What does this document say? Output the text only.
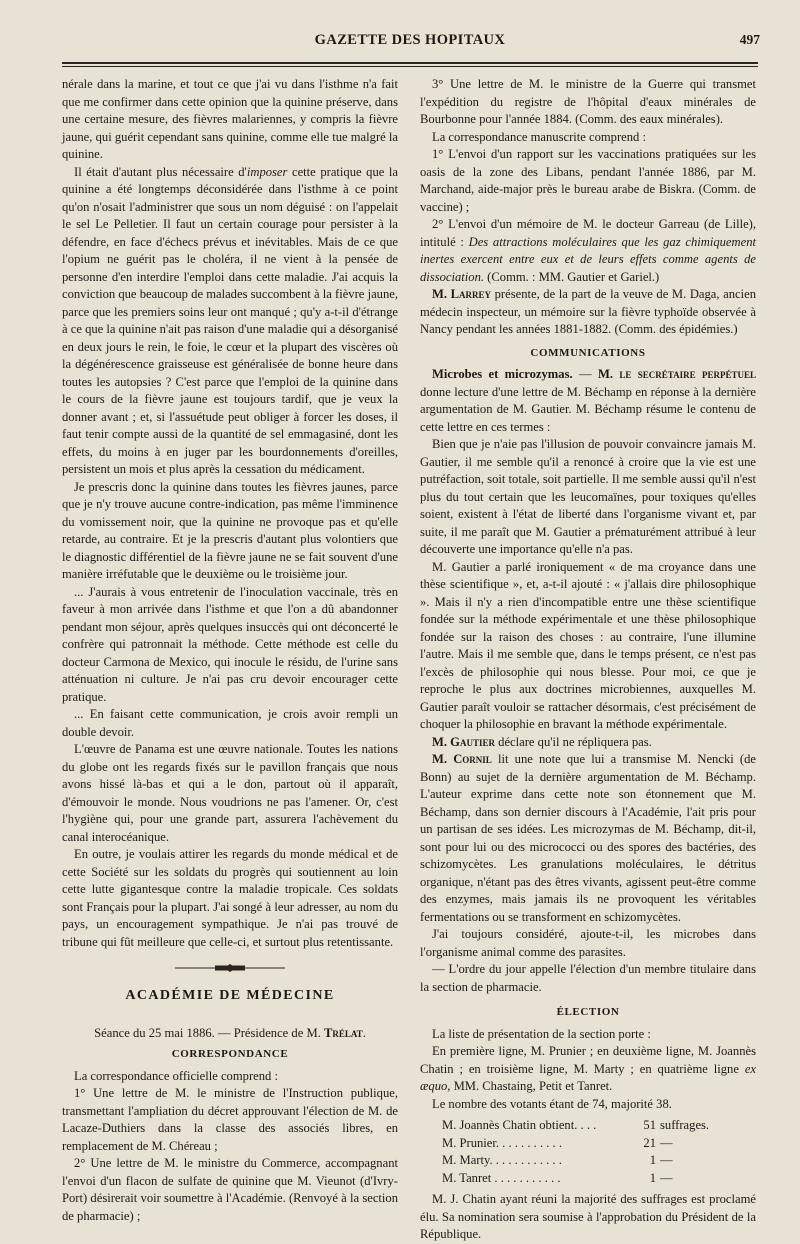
GAZETTE DES HOPITAUX	497

nérale dans la marine, et tout ce que j'ai vu dans l'isthme n'a fait que me confirmer dans cette opinion que la quinine préserve, dans une certaine mesure, des fièvres malariennes, y compris la fièvre jaune, qui guérit cependant sans quinine, comme elle tue malgré la quinine.

Il était d'autant plus nécessaire d'imposer cette pratique que la quinine a été longtemps déconsidérée dans l'isthme à ce point qu'on n'osait l'administrer que sous un nom déguisé : on l'appelait le sel Le Pelletier. Il faut un certain courage pour persister à la défendre, en face d'échecs prévus et inévitables. Mais de ce que l'opium ne guérit pas le choléra, il ne vient à la pensée de personne d'en interdire l'emploi dans cette maladie. J'ai acquis la conviction que beaucoup de malades succombent à la fièvre jaune, parce que les premiers soins leur ont manqué ; qu'y a-t-il d'étrange à ce que la quinine n'ait pas raison d'une maladie qui a désorganisé en deux jours le rein, le foie, le cœur et la plupart des viscères où la dégénérescence graisseuse est généralisée de bonne heure dans toutes les autopsies ? C'est parce que l'emploi de la quinine dans le cours de la fièvre jaune est toujours tardif, que je veux la donner avant ; et, si l'assuétude peut obliger à forcer les doses, il faut tenir compte aussi de la quantité de sel emmagasiné, dont les effets, du moins à en juger par les bourdonnements d'oreilles, persistent un mois et plus après la cessation du médicament.

Je prescris donc la quinine dans toutes les fièvres jaunes, parce que je n'y trouve aucune contre-indication, pas même l'imminence du vomissement noir, que la quinine ne provoque pas et qu'elle retarde, au contraire. Et je la prescris d'autant plus volontiers que le diagnostic différentiel de la fièvre jaune ne se fait souvent d'une manière irréfutable que le deuxième ou le troisième jour.

... J'aurais à vous entretenir de l'inoculation vaccinale, très en faveur à mon arrivée dans l'isthme et que l'on a dû abandonner pendant mon séjour, après quelques insuccès qui ont déconcerté le confrère qui patronnait la méthode. Cette méthode est celle du docteur Carmona de Mexico, qui inocule le résidu, de l'urine sans atténuation ni culture. Je n'ai pas cru devoir encourager cette pratique.

... En faisant cette communication, je crois avoir rempli un double devoir.

L'œuvre de Panama est une œuvre nationale. Toutes les nations du globe ont les regards fixés sur le pavillon français que nous avons hissé là-bas et qui a le don, partout où il apparaît, d'émouvoir le monde. Nous voudrions ne pas l'amener. Or, c'est l'hygiène qui, pour une grande part, assurera l'achèvement du canal interocéanique.

En outre, je voulais attirer les regards du monde médical et de cette Société sur les soldats du progrès qui soutiennent au loin cette lutte gigantesque contre la maladie tropicale. Ces soldats sont Français pour la plupart. J'ai songé à leur adresser, au nom du pays, un encouragement sympathique. Je n'ai pas trouvé de tribune qui fût meilleure que celle-ci, et surtout plus retentissante.

ACADÉMIE DE MÉDECINE

Séance du 25 mai 1886. — Présidence de M. Trélat.

CORRESPONDANCE

La correspondance officielle comprend :

1° Une lettre de M. le ministre de l'Instruction publique, transmettant l'ampliation du décret approuvant l'élection de M. de Lacaze-Duthiers dans la classe des associés libres, en remplacement de M. Chéreau ;

2° Une lettre de M. le ministre du Commerce, accompagnant l'envoi d'un flacon de sulfate de quinine que M. Vieunot (d'Ivry-Port) désirerait voir soumettre à l'Académie. (Renvoyé à la section de pharmacie) ;

3° Une lettre de M. le ministre de la Guerre qui transmet l'expédition du registre de l'hôpital d'eaux minérales de Bourbonne pour l'année 1884. (Comm. des eaux minérales).

La correspondance manuscrite comprend :

1° L'envoi d'un rapport sur les vaccinations pratiquées sur les oasis de la zone des Libans, pendant l'année 1886, par M. Marchand, aide-major près le bureau arabe de Biskra. (Comm. de vaccine) ;

2° L'envoi d'un mémoire de M. le docteur Garreau (de Lille), intitulé : Des attractions moléculaires que les gaz chimiquement inertes exercent entre eux et de leurs effets comme agents de dissociation. (Comm. : MM. Gautier et Gariel.)

M. Larrey présente, de la part de la veuve de M. Daga, ancien médecin inspecteur, un mémoire sur la fièvre typhoïde observée à Nancy pendant les années 1881-1882. (Comm. des épidémies.)

COMMUNICATIONS

Microbes et microzymas. — M. le secrétaire perpétuel donne lecture d'une lettre de M. Béchamp en réponse à la dernière argumentation de M. Gautier. M. Béchamp résume le contenu de cette lettre en ces termes :

Bien que je n'aie pas l'illusion de pouvoir convaincre jamais M. Gautier, il me semble qu'il a renoncé à croire que la vie est une putréfaction, soit totale, soit partielle. Il me semble aussi qu'il n'est plus du tout certain que les leucomaïnes, pour toxiques qu'elles soient, existent à l'état de liberté dans l'organisme vivant et, par suite, il me paraît que M. Gautier a prématurément attribué à leur découverte une importance qu'elle n'a pas.

M. Gautier a parlé ironiquement « de ma croyance dans une thèse scientifique », et, a-t-il ajouté : « j'allais dire philosophique ». Mais il n'y a rien d'incompatible entre une thèse scientifique fondée sur la méthode expérimentale et une thèse philosophique fondée sur la raison des choses : au contraire, l'une illumine l'autre. Mais il me semble que, dans le temps présent, ce n'est pas l'excès de philosophie qui nous blesse. Pour moi, ce que je reproche le plus aux doctrines microbiennes, auxquelles M. Gautier paraît vouloir se rattacher désormais, c'est précisément de choquer la philosophie en bravant la méthode expérimentale.

M. Gautier déclare qu'il ne répliquera pas.

M. Cornil lit une note que lui a transmise M. Nencki (de Bonn) au sujet de la dernière argumentation de M. Béchamp. L'auteur exprime dans cette note son étonnement que M. Béchamp, dans son dernier discours à l'Académie, l'ait pris pour un partisan de ses idées. Les microzymas de M. Béchamp, dit-il, sont pour lui ou des micrococci ou des spores des bactéries, des schizomycètes. Les granulations moléculaires, le détritus organique, n'étant pas des êtres vivants, agissent peut-être comme des enzymes, mais jamais ils ne provoquent les véritables fermentations ou se transforment en schizomycètes.

J'ai toujours considéré, ajoute-t-il, les microbes dans l'organisme animal comme des parasites.

— L'ordre du jour appelle l'élection d'un membre titulaire dans la section de pharmacie.

ÉLECTION

La liste de présentation de la section porte :

En première ligne, M. Prunier ; en deuxième ligne, M. Joannès Chatin ; en troisième ligne, M. Marty ; en quatrième ligne ex æquo, MM. Chastaing, Petit et Tanret.

Le nombre des votants étant de 74, majorité 38.

M. Joannès Chatin obtient. . . .	51	suffrages.
M. Prunier. . . . . . . . . . .	21	—
M. Marty. . . . . . . . . . . .	1	—
M. Tanret . . . . . . . . . . .	1	—

M. J. Chatin ayant réuni la majorité des suffrages est proclamé élu. Sa nomination sera soumise à l'approbation du Président de la République.
